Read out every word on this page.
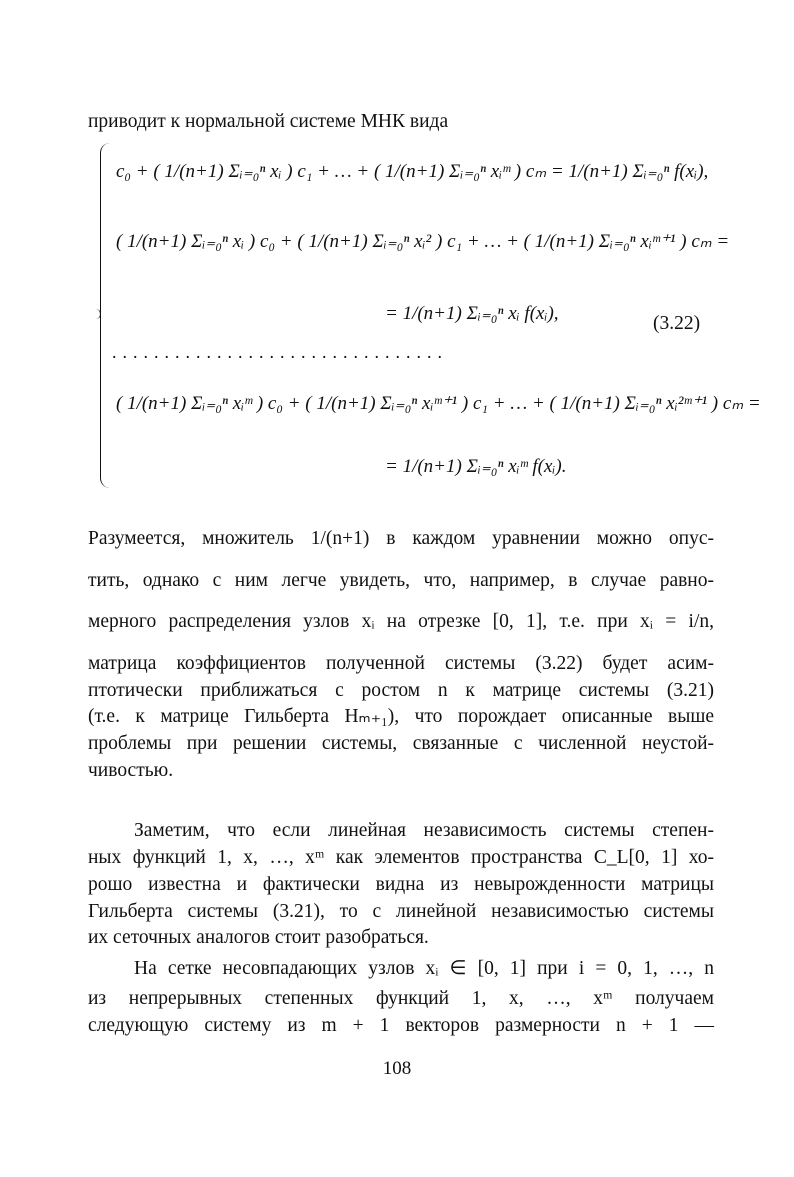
приводит к нормальной системе МНК вида
c₀ + ( 1/(n+1) Σᵢ₌₀ⁿ xᵢ ) c₁ + … + ( 1/(n+1) Σᵢ₌₀ⁿ xᵢᵐ ) cₘ = 1/(n+1) Σᵢ₌₀ⁿ f(xᵢ),
( 1/(n+1) Σᵢ₌₀ⁿ xᵢ ) c₀ + ( 1/(n+1) Σᵢ₌₀ⁿ xᵢ² ) c₁ + … + ( 1/(n+1) Σᵢ₌₀ⁿ xᵢᵐ⁺¹ ) cₘ =
= 1/(n+1) Σᵢ₌₀ⁿ xᵢ f(xᵢ),	(3.22)
................................
( 1/(n+1) Σᵢ₌₀ⁿ xᵢᵐ ) c₀ + ( 1/(n+1) Σᵢ₌₀ⁿ xᵢᵐ⁺¹ ) c₁ + … + ( 1/(n+1) Σᵢ₌₀ⁿ xᵢ²ᵐ⁺¹ ) cₘ =
= 1/(n+1) Σᵢ₌₀ⁿ xᵢᵐ f(xᵢ).
Разумеется, множитель 1/(n+1) в каждом уравнении можно опус-
тить, однако с ним легче увидеть, что, например, в случае равно-
мерного распределения узлов xᵢ на отрезке [0, 1], т.е. при xᵢ = i/n,
матрица коэффициентов полученной системы (3.22) будет асим-
птотически приближаться с ростом n к матрице системы (3.21)
(т.е. к матрице Гильберта Hₘ₊₁), что порождает описанные выше
проблемы при решении системы, связанные с численной неустой-
чивостью.
Заметим, что если линейная независимость системы степен-
ных функций 1, x, …, xᵐ как элементов пространства C_L[0, 1] хо-
рошо известна и фактически видна из невырожденности матрицы
Гильберта системы (3.21), то с линейной независимостью системы
их сеточных аналогов стоит разобраться.
На сетке несовпадающих узлов xᵢ ∈ [0, 1] при i = 0, 1, …, n
из непрерывных степенных функций 1, x, …, xᵐ получаем
следующую систему из m + 1 векторов размерности n + 1 —
108
